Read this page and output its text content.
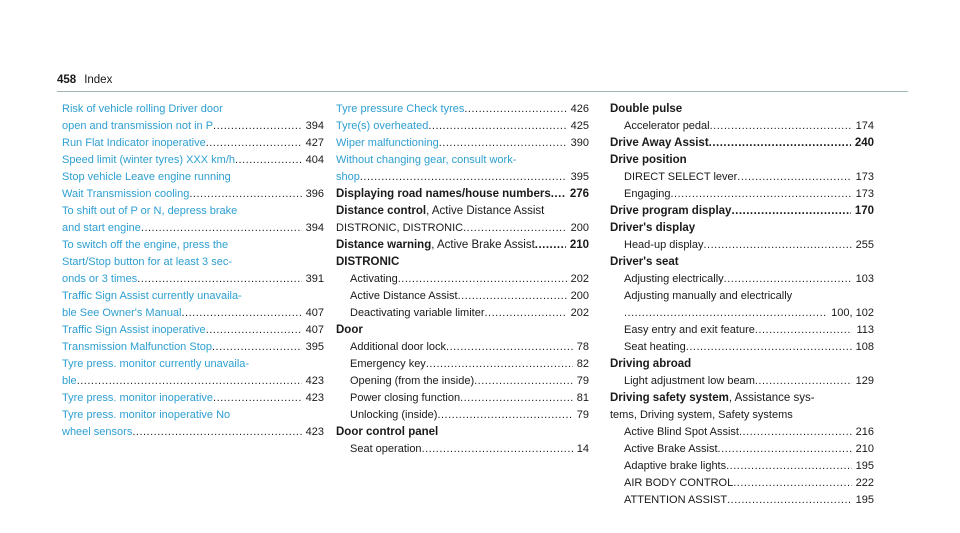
458 Index
Risk of vehicle rolling Driver door
open and transmission not in P .....	394
Run Flat Indicator inoperative .....	427
Speed limit (winter tyres) XXX km/h .....	404
Stop vehicle Leave engine running
Wait Transmission cooling .....	396
To shift out of P or N, depress brake
and start engine .....	394
To switch off the engine, press the
Start/Stop button for at least 3 sec-
onds or 3 times .....	391
Traffic Sign Assist currently unavaila-
ble See Owner's Manual .....	407
Traffic Sign Assist inoperative .....	407
Transmission Malfunction Stop .....	395
Tyre press. monitor currently unavaila-
ble .....	423
Tyre press. monitor inoperative .....	423
Tyre press. monitor inoperative No
wheel sensors .....	423
Tyre pressure Check tyres .....	426
Tyre(s) overheated .....	425
Wiper malfunctioning .....	390
Without changing gear, consult work-
shop .....	395
Displaying road names/house numbers .....	276
Distance control, Active Distance Assist
DISTRONIC, DISTRONIC .....	200
Distance warning , Active Brake Assist .....	210
DISTRONIC
Activating .....	202
Active Distance Assist .....	200
Deactivating variable limiter .....	202
Door
Additional door lock .....	78
Emergency key .....	82
Opening (from the inside) .....	79
Power closing function .....	81
Unlocking (inside) .....	79
Door control panel
Seat operation .....	14
Double pulse
Accelerator pedal .....	174
Drive Away Assist .....	240
Drive position
DIRECT SELECT lever .....	173
Engaging .....	173
Drive program display .....	170
Driver's display
Head-up display .....	255
Driver's seat
Adjusting electrically .....	103
Adjusting manually and electrically
.....
100, 102
Easy entry and exit feature .....	113
Seat heating .....	108
Driving abroad
Light adjustment low beam .....	129
Driving safety system, Assistance sys-
tems, Driving system, Safety systems
Active Blind Spot Assist .....	216
Active Brake Assist .....	210
Adaptive brake lights .....	195
AIR BODY CONTROL .....	222
ATTENTION ASSIST .....	195
